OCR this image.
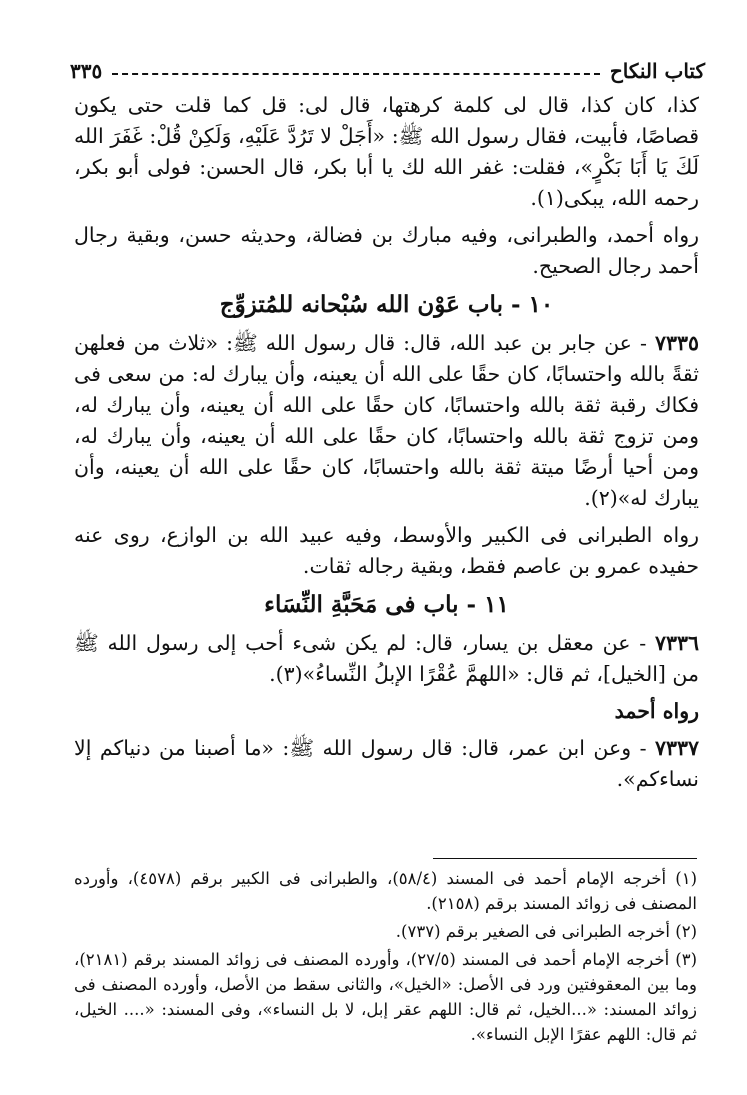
٣٣٥	كتاب النكاح

كذا، كان كذا، قال لى كلمة كرهتها، قال لى: قل كما قلت حتى يكون قصاصًا، فأبيت، فقال رسول الله ﷺ: «أَجَلْ لا تَرُدَّ عَلَيْهِ، وَلَكِنْ قُلْ: غَفَرَ الله لَكَ يَا أَبَا بَكْرٍ»، فقلت: غفر الله لك يا أبا بكر، قال الحسن: فولى أبو بكر، رحمه الله، يبكى(١).

رواه أحمد، والطبرانى، وفيه مبارك بن فضالة، وحديثه حسن، وبقية رجال أحمد رجال الصحيح.

١٠ - باب عَوْن الله سُبْحانه للمُتزوِّج

٧٣٣٥ - عن جابر بن عبد الله، قال: قال رسول الله ﷺ: «ثلاث من فعلهن ثقةً بالله واحتسابًا، كان حقًا على الله أن يعينه، وأن يبارك له: من سعى فى فكاك رقبة ثقة بالله واحتسابًا، كان حقًا على الله أن يعينه، وأن يبارك له، ومن تزوج ثقة بالله واحتسابًا، كان حقًا على الله أن يعينه، وأن يبارك له، ومن أحيا أرضًا ميتة ثقة بالله واحتسابًا، كان حقًا على الله أن يعينه، وأن يبارك له»(٢).

رواه الطبرانى فى الكبير والأوسط، وفيه عبيد الله بن الوازع، روى عنه حفيده عمرو بن عاصم فقط، وبقية رجاله ثقات.

١١ - باب فى مَحَبَّةِ النِّسَاء

٧٣٣٦ - عن معقل بن يسار، قال: لم يكن شىء أحب إلى رسول الله ﷺ من [الخيل]، ثم قال: «اللهمَّ عُقْرًا الإبلُ النِّساءُ»(٣).

رواه أحمد

٧٣٣٧ - وعن ابن عمر، قال: قال رسول الله ﷺ: «ما أصبنا من دنياكم إلا نساءكم».

(١) أخرجه الإمام أحمد فى المسند (٥٨/٤)، والطبرانى فى الكبير برقم (٤٥٧٨)، وأورده المصنف فى زوائد المسند برقم (٢١٥٨).

(٢) أخرجه الطبرانى فى الصغير برقم (٧٣٧).

(٣) أخرجه الإمام أحمد فى المسند (٢٧/٥)، وأورده المصنف فى زوائد المسند برقم (٢١٨١)، وما بين المعقوفتين ورد فى الأصل: «الخيل»، والثانى سقط من الأصل، وأورده المصنف فى زوائد المسند: «...الخيل، ثم قال: اللهم عقر إبل، لا بل النساء»، وفى المسند: «.... الخيل، ثم قال: اللهم عقرًا الإبل النساء».
